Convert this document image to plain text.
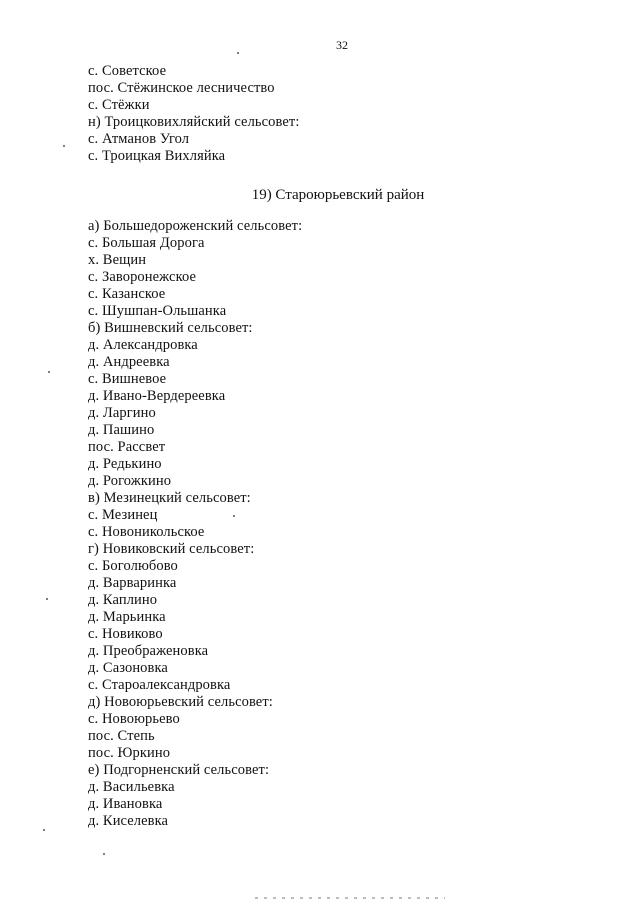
32
с. Советское
пос. Стёжинское лесничество
с. Стёжки
н) Троицковихляйский сельсовет:
с. Атманов Угол
с. Троицкая Вихляйка
19) Староюрьевский район
а) Большедороженский сельсовет:
с. Большая Дорога
х. Вещин
с. Заворонежское
с. Казанское
с. Шушпан-Ольшанка
б) Вишневский сельсовет:
д. Александровка
д. Андреевка
с. Вишневое
д. Ивано-Вердереевка
д. Ларгино
д. Пашино
пос. Рассвет
д. Редькино
д. Рогожкино
в) Мезинецкий сельсовет:
с. Мезинец
с. Новоникольское
г) Новиковский сельсовет:
с. Боголюбово
д. Варваринка
д. Каплино
д. Марьинка
с. Новиково
д. Преображеновка
д. Сазоновка
с. Староалександровка
д) Новоюрьевский сельсовет:
с. Новоюрьево
пос. Степь
пос. Юркино
е) Подгорненский сельсовет:
д. Васильевка
д. Ивановка
д. Киселевка
